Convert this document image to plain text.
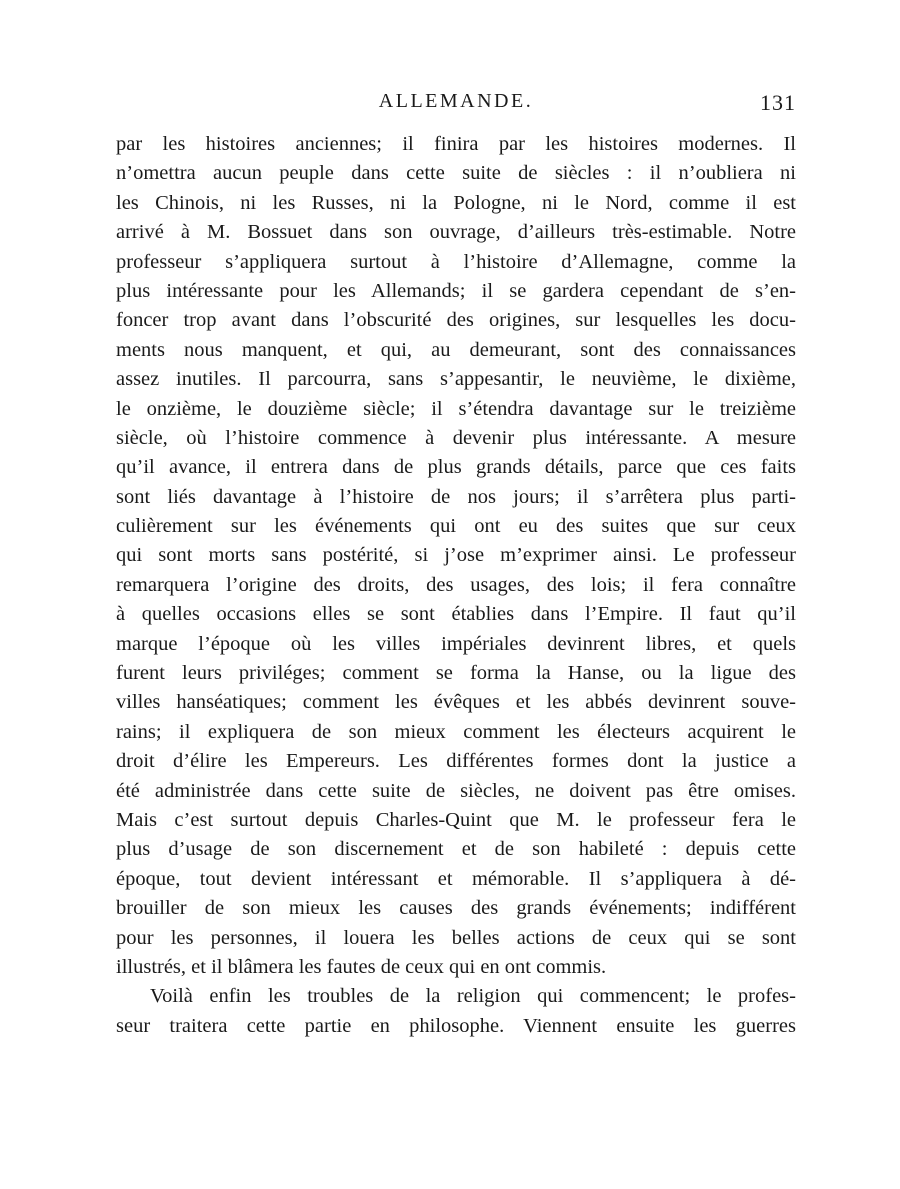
ALLEMANDE.	131
par les histoires anciennes; il finira par les histoires modernes. Il
n’omettra aucun peuple dans cette suite de siècles : il n’oubliera ni
les Chinois, ni les Russes, ni la Pologne, ni le Nord, comme il est
arrivé à M. Bossuet dans son ouvrage, d’ailleurs très-estimable. Notre
professeur s’appliquera surtout à l’histoire d’Allemagne, comme la
plus intéressante pour les Allemands; il se gardera cependant de s’en-
foncer trop avant dans l’obscurité des origines, sur lesquelles les docu-
ments nous manquent, et qui, au demeurant, sont des connaissances
assez inutiles. Il parcourra, sans s’appesantir, le neuvième, le dixième,
le onzième, le douzième siècle; il s’étendra davantage sur le treizième
siècle, où l’histoire commence à devenir plus intéressante. A mesure
qu’il avance, il entrera dans de plus grands détails, parce que ces faits
sont liés davantage à l’histoire de nos jours; il s’arrêtera plus parti-
culièrement sur les événements qui ont eu des suites que sur ceux
qui sont morts sans postérité, si j’ose m’exprimer ainsi. Le professeur
remarquera l’origine des droits, des usages, des lois; il fera connaître
à quelles occasions elles se sont établies dans l’Empire. Il faut qu’il
marque l’époque où les villes impériales devinrent libres, et quels
furent leurs priviléges; comment se forma la Hanse, ou la ligue des
villes hanséatiques; comment les évêques et les abbés devinrent souve-
rains; il expliquera de son mieux comment les électeurs acquirent le
droit d’élire les Empereurs. Les différentes formes dont la justice a
été administrée dans cette suite de siècles, ne doivent pas être omises.
Mais c’est surtout depuis Charles-Quint que M. le professeur fera le
plus d’usage de son discernement et de son habileté : depuis cette
époque, tout devient intéressant et mémorable. Il s’appliquera à dé-
brouiller de son mieux les causes des grands événements; indifférent
pour les personnes, il louera les belles actions de ceux qui se sont
illustrés, et il blâmera les fautes de ceux qui en ont commis.
Voilà enfin les troubles de la religion qui commencent; le profes-
seur traitera cette partie en philosophe. Viennent ensuite les guerres
